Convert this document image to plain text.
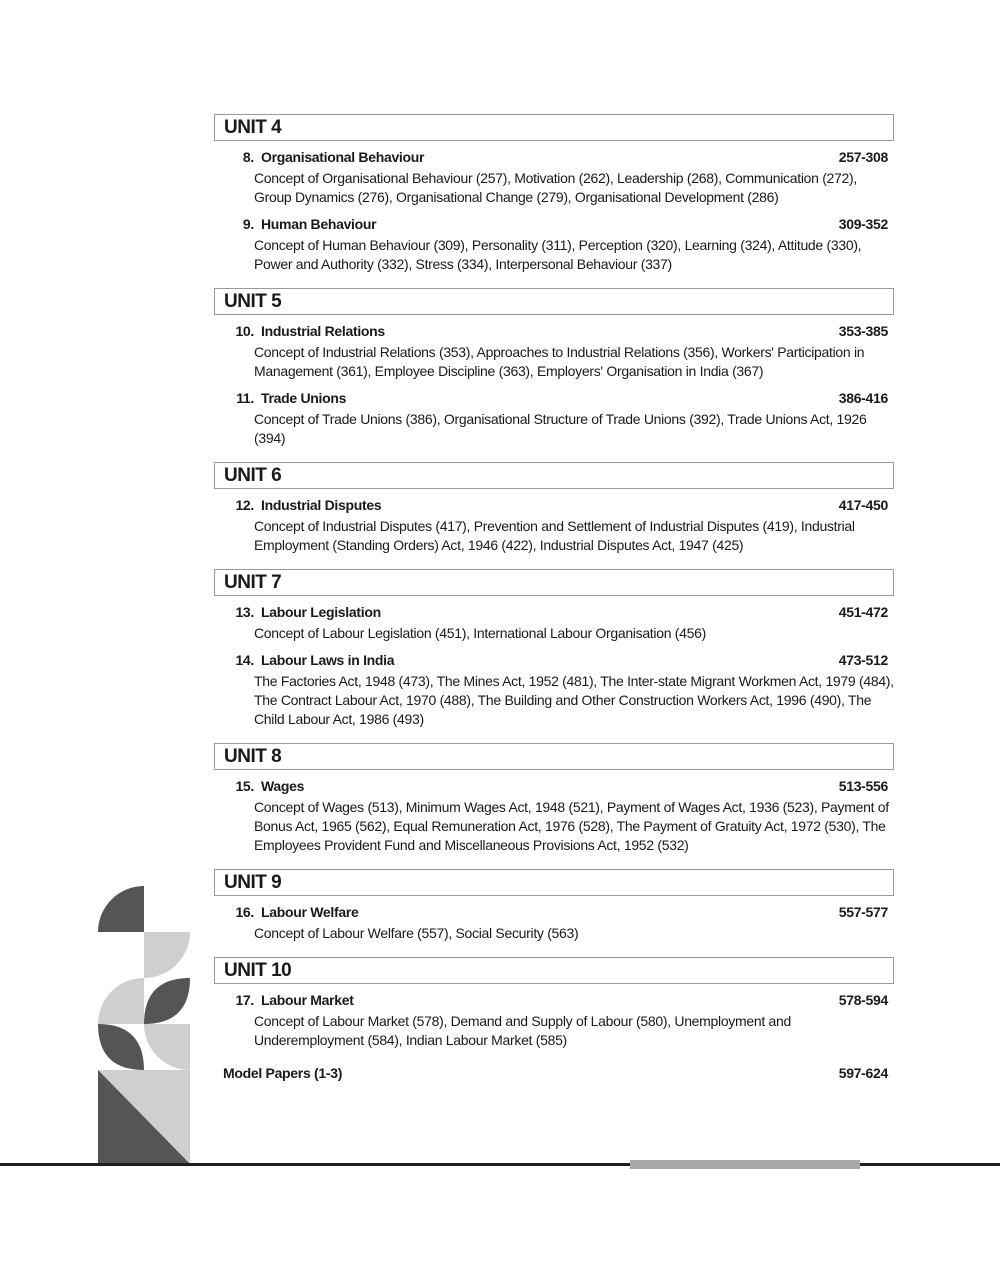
UNIT 4
8. Organisational Behaviour	257-308
Concept of Organisational Behaviour (257), Motivation (262), Leadership (268), Communication (272), Group Dynamics (276), Organisational Change (279), Organisational Development (286)
9. Human Behaviour	309-352
Concept of Human Behaviour (309), Personality (311), Perception (320), Learning (324), Attitude (330), Power and Authority (332), Stress (334), Interpersonal Behaviour (337)
UNIT 5
10. Industrial Relations	353-385
Concept of Industrial Relations (353), Approaches to Industrial Relations (356), Workers' Participation in Management (361), Employee Discipline (363), Employers' Organisation in India (367)
11. Trade Unions	386-416
Concept of Trade Unions (386), Organisational Structure of Trade Unions (392), Trade Unions Act, 1926 (394)
UNIT 6
12. Industrial Disputes	417-450
Concept of Industrial Disputes (417), Prevention and Settlement of Industrial Disputes (419), Industrial Employment (Standing Orders) Act, 1946 (422), Industrial Disputes Act, 1947 (425)
UNIT 7
13. Labour Legislation	451-472
Concept of Labour Legislation (451), International Labour Organisation (456)
14. Labour Laws in India	473-512
The Factories Act, 1948 (473), The Mines Act, 1952 (481), The Inter-state Migrant Workmen Act, 1979 (484), The Contract Labour Act, 1970 (488), The Building and Other Construction Workers Act, 1996 (490), The Child Labour Act, 1986 (493)
UNIT 8
15. Wages	513-556
Concept of Wages (513), Minimum Wages Act, 1948 (521), Payment of Wages Act, 1936 (523), Payment of Bonus Act, 1965 (562), Equal Remuneration Act, 1976 (528), The Payment of Gratuity Act, 1972 (530), The Employees Provident Fund and Miscellaneous Provisions Act, 1952 (532)
UNIT 9
16. Labour Welfare	557-577
Concept of Labour Welfare (557), Social Security (563)
UNIT 10
17. Labour Market	578-594
Concept of Labour Market (578), Demand and Supply of Labour (580), Unemployment and Underemployment (584), Indian Labour Market (585)
Model Papers (1-3)	597-624
